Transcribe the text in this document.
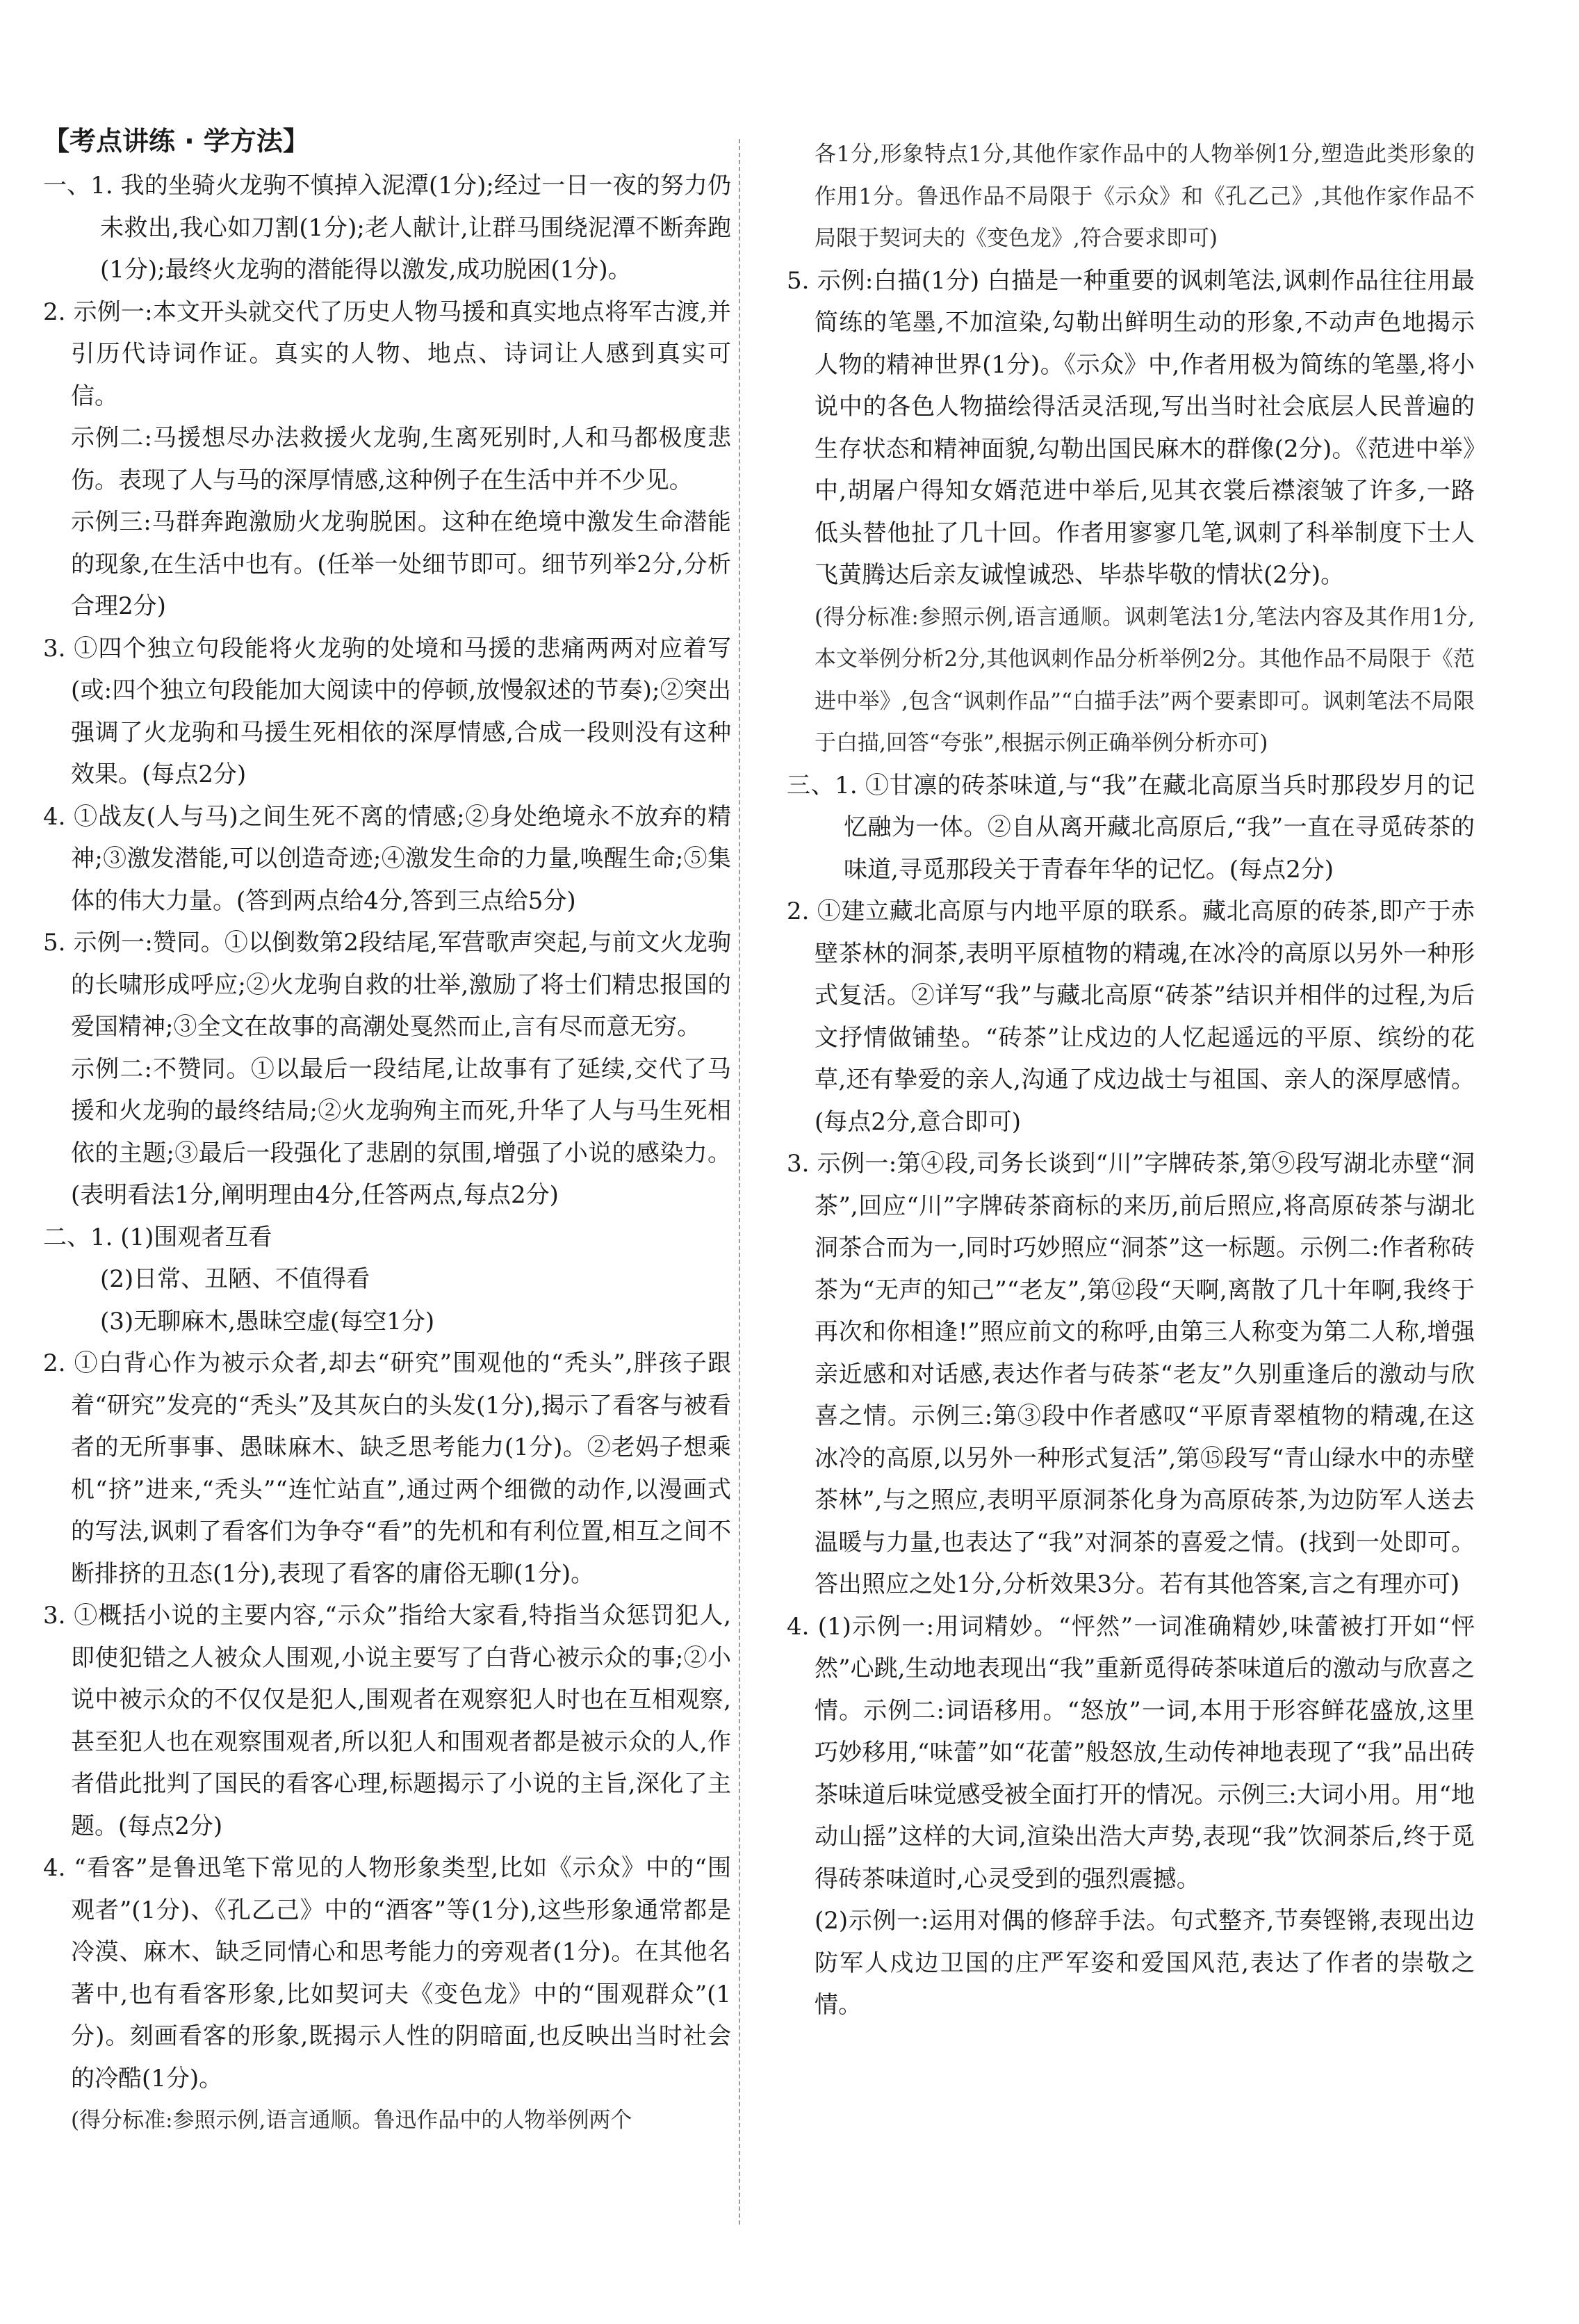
【考点讲练 · 学方法】

一、1. 我的坐骑火龙驹不慎掉入泥潭(1分);经过一日一夜的努力仍未救出,我心如刀割(1分);老人献计,让群马围绕泥潭不断奔跑(1分);最终火龙驹的潜能得以激发,成功脱困(1分)。

2. 示例一:本文开头就交代了历史人物马援和真实地点将军古渡,并引历代诗词作证。真实的人物、地点、诗词让人感到真实可信。

示例二:马援想尽办法救援火龙驹,生离死别时,人和马都极度悲伤。表现了人与马的深厚情感,这种例子在生活中并不少见。

示例三:马群奔跑激励火龙驹脱困。这种在绝境中激发生命潜能的现象,在生活中也有。(任举一处细节即可。细节列举2分,分析合理2分)

3. ①四个独立句段能将火龙驹的处境和马援的悲痛两两对应着写(或:四个独立句段能加大阅读中的停顿,放慢叙述的节奏);②突出强调了火龙驹和马援生死相依的深厚情感,合成一段则没有这种效果。(每点2分)

4. ①战友(人与马)之间生死不离的情感;②身处绝境永不放弃的精神;③激发潜能,可以创造奇迹;④激发生命的力量,唤醒生命;⑤集体的伟大力量。(答到两点给4分,答到三点给5分)

5. 示例一:赞同。①以倒数第2段结尾,军营歌声突起,与前文火龙驹的长啸形成呼应;②火龙驹自救的壮举,激励了将士们精忠报国的爱国精神;③全文在故事的高潮处戛然而止,言有尽而意无穷。

示例二:不赞同。①以最后一段结尾,让故事有了延续,交代了马援和火龙驹的最终结局;②火龙驹殉主而死,升华了人与马生死相依的主题;③最后一段强化了悲剧的氛围,增强了小说的感染力。(表明看法1分,阐明理由4分,任答两点,每点2分)

二、1. (1)围观者互看

(2)日常、丑陋、不值得看

(3)无聊麻木,愚昧空虚(每空1分)

2. ①白背心作为被示众者,却去“研究”围观他的“秃头”,胖孩子跟着“研究”发亮的“秃头”及其灰白的头发(1分),揭示了看客与被看者的无所事事、愚昧麻木、缺乏思考能力(1分)。②老妈子想乘机“挤”进来,“秃头”“连忙站直”,通过两个细微的动作,以漫画式的写法,讽刺了看客们为争夺“看”的先机和有利位置,相互之间不断排挤的丑态(1分),表现了看客的庸俗无聊(1分)。

3. ①概括小说的主要内容,“示众”指给大家看,特指当众惩罚犯人,即使犯错之人被众人围观,小说主要写了白背心被示众的事;②小说中被示众的不仅仅是犯人,围观者在观察犯人时也在互相观察,甚至犯人也在观察围观者,所以犯人和围观者都是被示众的人,作者借此批判了国民的看客心理,标题揭示了小说的主旨,深化了主题。(每点2分)

4. “看客”是鲁迅笔下常见的人物形象类型,比如《示众》中的“围观者”(1分)、《孔乙己》中的“酒客”等(1分),这些形象通常都是冷漠、麻木、缺乏同情心和思考能力的旁观者(1分)。在其他名著中,也有看客形象,比如契诃夫《变色龙》中的“围观群众”(1分)。刻画看客的形象,既揭示人性的阴暗面,也反映出当时社会的冷酷(1分)。

(得分标准:参照示例,语言通顺。鲁迅作品中的人物举例两个

各1分,形象特点1分,其他作家作品中的人物举例1分,塑造此类形象的作用1分。鲁迅作品不局限于《示众》和《孔乙己》,其他作家作品不局限于契诃夫的《变色龙》,符合要求即可)

5. 示例:白描(1分) 白描是一种重要的讽刺笔法,讽刺作品往往用最简练的笔墨,不加渲染,勾勒出鲜明生动的形象,不动声色地揭示人物的精神世界(1分)。《示众》中,作者用极为简练的笔墨,将小说中的各色人物描绘得活灵活现,写出当时社会底层人民普遍的生存状态和精神面貌,勾勒出国民麻木的群像(2分)。《范进中举》中,胡屠户得知女婿范进中举后,见其衣裳后襟滚皱了许多,一路低头替他扯了几十回。作者用寥寥几笔,讽刺了科举制度下士人飞黄腾达后亲友诚惶诚恐、毕恭毕敬的情状(2分)。

(得分标准:参照示例,语言通顺。讽刺笔法1分,笔法内容及其作用1分,本文举例分析2分,其他讽刺作品分析举例2分。其他作品不局限于《范进中举》,包含“讽刺作品”“白描手法”两个要素即可。讽刺笔法不局限于白描,回答“夸张”,根据示例正确举例分析亦可)

三、1. ①甘凛的砖茶味道,与“我”在藏北高原当兵时那段岁月的记忆融为一体。②自从离开藏北高原后,“我”一直在寻觅砖茶的味道,寻觅那段关于青春年华的记忆。(每点2分)

2. ①建立藏北高原与内地平原的联系。藏北高原的砖茶,即产于赤壁茶林的洞茶,表明平原植物的精魂,在冰冷的高原以另外一种形式复活。②详写“我”与藏北高原“砖茶”结识并相伴的过程,为后文抒情做铺垫。“砖茶”让戍边的人忆起遥远的平原、缤纷的花草,还有挚爱的亲人,沟通了戍边战士与祖国、亲人的深厚感情。(每点2分,意合即可)

3. 示例一:第④段,司务长谈到“川”字牌砖茶,第⑨段写湖北赤壁“洞茶”,回应“川”字牌砖茶商标的来历,前后照应,将高原砖茶与湖北洞茶合而为一,同时巧妙照应“洞茶”这一标题。示例二:作者称砖茶为“无声的知己”“老友”,第⑫段“天啊,离散了几十年啊,我终于再次和你相逢!”照应前文的称呼,由第三人称变为第二人称,增强亲近感和对话感,表达作者与砖茶“老友”久别重逢后的激动与欣喜之情。示例三:第③段中作者感叹“平原青翠植物的精魂,在这冰冷的高原,以另外一种形式复活”,第⑮段写“青山绿水中的赤壁茶林”,与之照应,表明平原洞茶化身为高原砖茶,为边防军人送去温暖与力量,也表达了“我”对洞茶的喜爱之情。(找到一处即可。答出照应之处1分,分析效果3分。若有其他答案,言之有理亦可)

4. (1)示例一:用词精妙。“怦然”一词准确精妙,味蕾被打开如“怦然”心跳,生动地表现出“我”重新觅得砖茶味道后的激动与欣喜之情。示例二:词语移用。“怒放”一词,本用于形容鲜花盛放,这里巧妙移用,“味蕾”如“花蕾”般怒放,生动传神地表现了“我”品出砖茶味道后味觉感受被全面打开的情况。示例三:大词小用。用“地动山摇”这样的大词,渲染出浩大声势,表现“我”饮洞茶后,终于觅得砖茶味道时,心灵受到的强烈震撼。

(2)示例一:运用对偶的修辞手法。句式整齐,节奏铿锵,表现出边防军人戍边卫国的庄严军姿和爱国风范,表达了作者的崇敬之情。
